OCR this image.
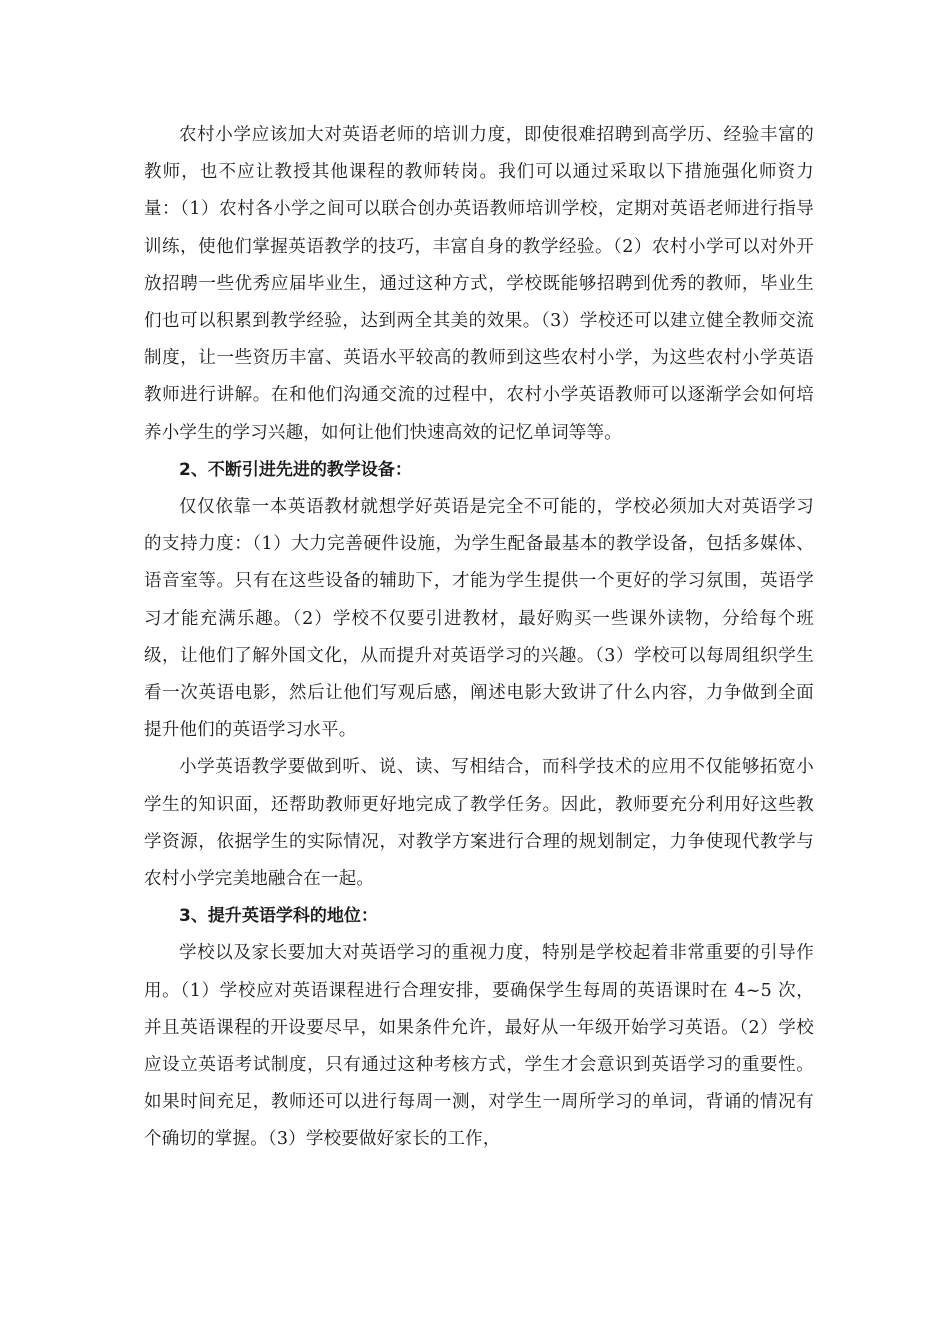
农村小学应该加大对英语老师的培训力度，即使很难招聘到高学历、经验丰富的教师，也不应让教授其他课程的教师转岗。我们可以通过采取以下措施强化师资力量：（1）农村各小学之间可以联合创办英语教师培训学校，定期对英语老师进行指导训练，使他们掌握英语教学的技巧，丰富自身的教学经验。（2）农村小学可以对外开放招聘一些优秀应届毕业生，通过这种方式，学校既能够招聘到优秀的教师，毕业生们也可以积累到教学经验，达到两全其美的效果。（3）学校还可以建立健全教师交流制度，让一些资历丰富、英语水平较高的教师到这些农村小学，为这些农村小学英语教师进行讲解。在和他们沟通交流的过程中，农村小学英语教师可以逐渐学会如何培养小学生的学习兴趣，如何让他们快速高效的记忆单词等等。

2、不断引进先进的教学设备：

仅仅依靠一本英语教材就想学好英语是完全不可能的，学校必须加大对英语学习的支持力度：（1）大力完善硬件设施，为学生配备最基本的教学设备，包括多媒体、语音室等。只有在这些设备的辅助下，才能为学生提供一个更好的学习氛围，英语学习才能充满乐趣。（2）学校不仅要引进教材，最好购买一些课外读物，分给每个班级，让他们了解外国文化，从而提升对英语学习的兴趣。（3）学校可以每周组织学生看一次英语电影，然后让他们写观后感，阐述电影大致讲了什么内容，力争做到全面提升他们的英语学习水平。

小学英语教学要做到听、说、读、写相结合，而科学技术的应用不仅能够拓宽小学生的知识面，还帮助教师更好地完成了教学任务。因此，教师要充分利用好这些教学资源，依据学生的实际情况，对教学方案进行合理的规划制定，力争使现代教学与农村小学完美地融合在一起。

3、提升英语学科的地位：

学校以及家长要加大对英语学习的重视力度，特别是学校起着非常重要的引导作用。（1）学校应对英语课程进行合理安排，要确保学生每周的英语课时在 4~5 次，并且英语课程的开设要尽早，如果条件允许，最好从一年级开始学习英语。（2）学校应设立英语考试制度，只有通过这种考核方式，学生才会意识到英语学习的重要性。如果时间充足，教师还可以进行每周一测，对学生一周所学习的单词，背诵的情况有个确切的掌握。（3）学校要做好家长的工作，
